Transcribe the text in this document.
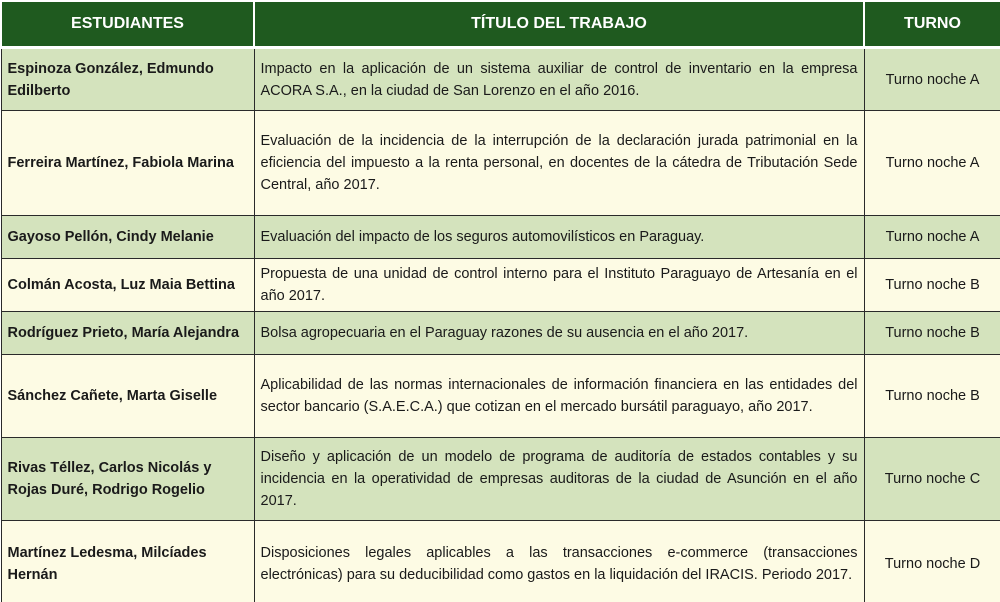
ESTUDIANTES	TÍTULO DEL TRABAJO	TURNO
Espinoza González, Edmundo Edilberto	Impacto en la aplicación de un sistema auxiliar de control de inventario en la empresa ACORA S.A., en la ciudad de San Lorenzo en el año 2016.	Turno noche A
Ferreira Martínez, Fabiola Marina	Evaluación de la incidencia de la interrupción de la declaración jurada patrimonial en la eficiencia del impuesto a la renta personal, en docentes de la cátedra de Tributación Sede Central, año 2017.	Turno noche A
Gayoso Pellón, Cindy Melanie	Evaluación del impacto de los seguros automovilísticos en Paraguay.	Turno noche A
Colmán Acosta, Luz Maia Bettina	Propuesta de una unidad de control interno para el Instituto Paraguayo de Artesanía en el año 2017.	Turno noche B
Rodríguez Prieto, María Alejandra	Bolsa agropecuaria en el Paraguay razones de su ausencia en el año 2017.	Turno noche B
Sánchez Cañete, Marta Giselle	Aplicabilidad de las normas internacionales de información financiera en las entidades del sector bancario (S.A.E.C.A.) que cotizan en el mercado bursátil paraguayo, año 2017.	Turno noche B
Rivas Téllez, Carlos Nicolás y Rojas Duré, Rodrigo Rogelio	Diseño y aplicación de un modelo de programa de auditoría de estados contables y su incidencia en la operatividad de empresas auditoras de la ciudad de Asunción en el año 2017.	Turno noche C
Martínez Ledesma, Milcíades Hernán	Disposiciones legales aplicables a las transacciones e-commerce (transacciones electrónicas) para su deducibilidad como gastos en la liquidación del IRACIS. Periodo 2017.	Turno noche D
